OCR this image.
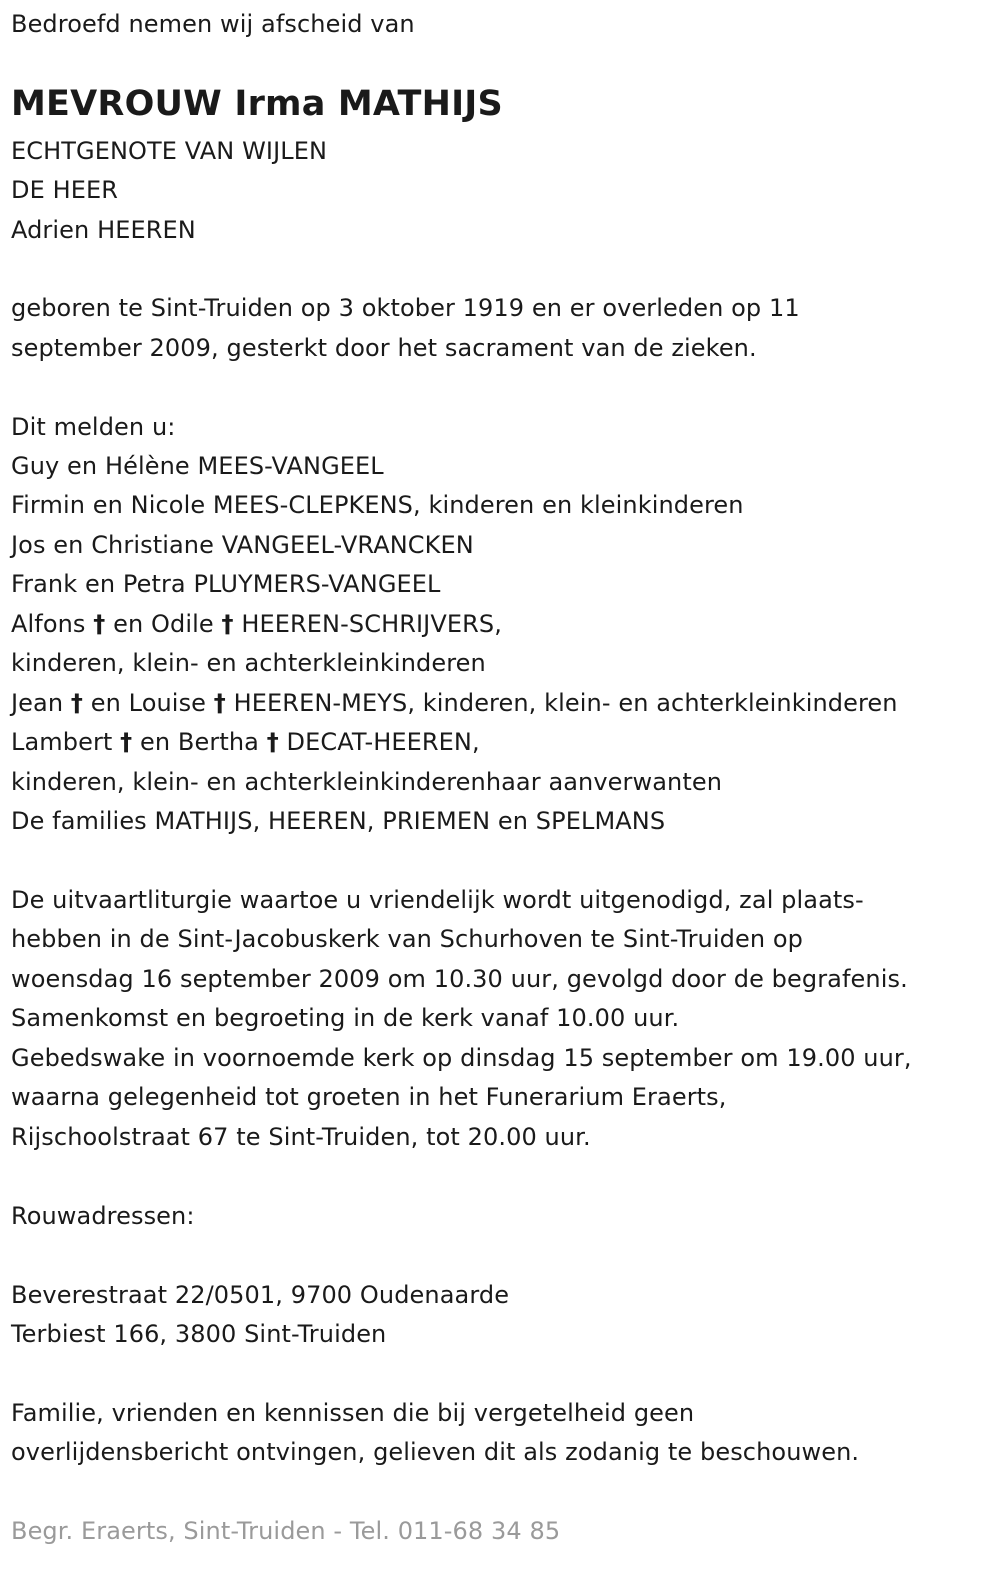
Bedroefd nemen wij afscheid van

MEVROUW Irma MATHIJS

ECHTGENOTE VAN WIJLEN

DE HEER

Adrien HEEREN

geboren te Sint-Truiden op 3 oktober 1919 en er overleden op 11

september 2009, gesterkt door het sacrament van de zieken.

Dit melden u:

Guy en Hélène MEES-VANGEEL

Firmin en Nicole MEES-CLEPKENS, kinderen en kleinkinderen

Jos en Christiane VANGEEL-VRANCKEN

Frank en Petra PLUYMERS-VANGEEL

Alfons † en Odile † HEEREN-SCHRIJVERS,

kinderen, klein- en achterkleinkinderen

Jean † en Louise † HEEREN-MEYS, kinderen, klein- en achterkleinkinderen

Lambert † en Bertha † DECAT-HEEREN,

kinderen, klein- en achterkleinkinderenhaar aanverwanten

De families MATHIJS, HEEREN, PRIEMEN en SPELMANS

De uitvaartliturgie waartoe u vriendelijk wordt uitgenodigd, zal plaats-

hebben in de Sint-Jacobuskerk van Schurhoven te Sint-Truiden op

woensdag 16 september 2009 om 10.30 uur, gevolgd door de begrafenis.

Samenkomst en begroeting in de kerk vanaf 10.00 uur.

Gebedswake in voornoemde kerk op dinsdag 15 september om 19.00 uur,

waarna gelegenheid tot groeten in het Funerarium Eraerts,

Rijschoolstraat 67 te Sint-Truiden, tot 20.00 uur.

Rouwadressen:

Beverestraat 22/0501, 9700 Oudenaarde

Terbiest 166, 3800 Sint-Truiden

Familie, vrienden en kennissen die bij vergetelheid geen

overlijdensbericht ontvingen, gelieven dit als zodanig te beschouwen.

Begr. Eraerts, Sint-Truiden - Tel. 011-68 34 85
